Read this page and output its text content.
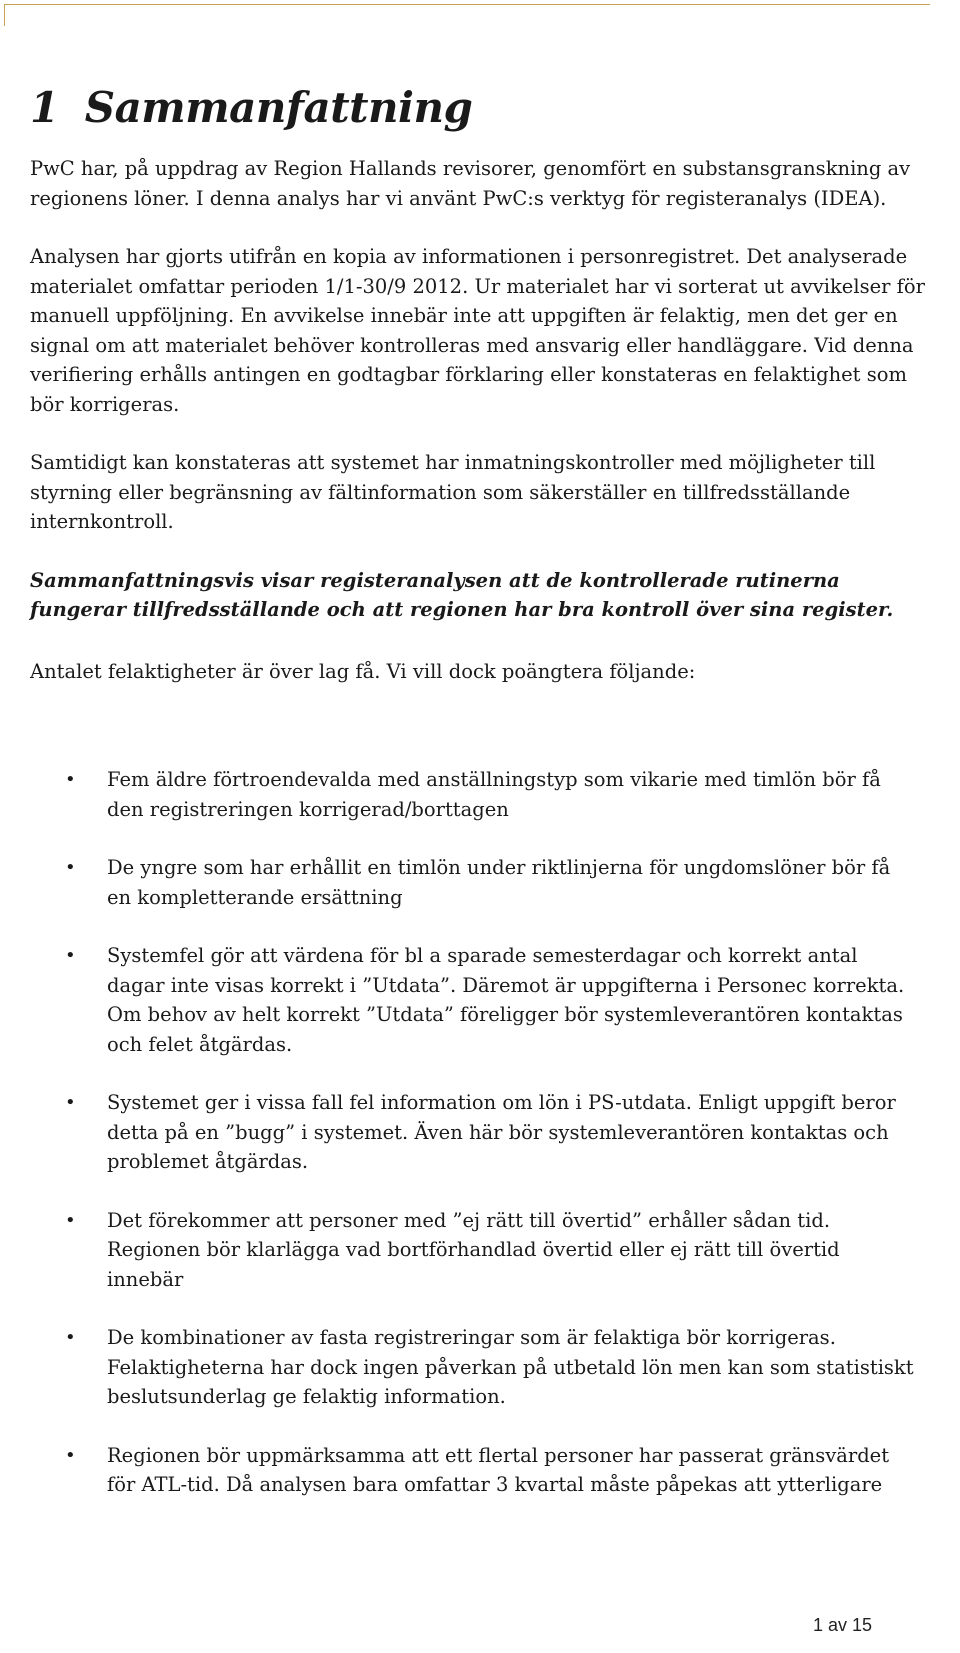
1 Sammanfattning

PwC har, på uppdrag av Region Hallands revisorer, genomfört en substansgranskning av regionens löner. I denna analys har vi använt PwC:s verktyg för registeranalys (IDEA).

Analysen har gjorts utifrån en kopia av informationen i personregistret. Det analyserade materialet omfattar perioden 1/1-30/9 2012. Ur materialet har vi sorterat ut avvikelser för manuell uppföljning. En avvikelse innebär inte att uppgiften är felaktig, men det ger en signal om att materialet behöver kontrolleras med ansvarig eller handläggare. Vid denna verifiering erhålls antingen en godtagbar förklaring eller konstateras en felaktighet som bör korrigeras.

Samtidigt kan konstateras att systemet har inmatningskontroller med möjligheter till styrning eller begränsning av fältinformation som säkerställer en tillfredsställande internkontroll.

Sammanfattningsvis visar registeranalysen att de kontrollerade rutinerna fungerar tillfredsställande och att regionen har bra kontroll över sina register.

Antalet felaktigheter är över lag få. Vi vill dock poängtera följande:

• Fem äldre förtroendevalda med anställningstyp som vikarie med timlön bör få den registreringen korrigerad/borttagen
• De yngre som har erhållit en timlön under riktlinjerna för ungdomslöner bör få en kompletterande ersättning
• Systemfel gör att värdena för bl a sparade semesterdagar och korrekt antal dagar inte visas korrekt i ”Utdata”. Däremot är uppgifterna i Personec korrekta. Om behov av helt korrekt ”Utdata” föreligger bör systemleverantören kontaktas och felet åtgärdas.
• Systemet ger i vissa fall fel information om lön i PS-utdata. Enligt uppgift beror detta på en ”bugg” i systemet. Även här bör systemleverantören kontaktas och problemet åtgärdas.
• Det förekommer att personer med ”ej rätt till övertid” erhåller sådan tid. Regionen bör klarlägga vad bortförhandlad övertid eller ej rätt till övertid innebär
• De kombinationer av fasta registreringar som är felaktiga bör korrigeras. Felaktigheterna har dock ingen påverkan på utbetald lön men kan som statistiskt beslutsunderlag ge felaktig information.
• Regionen bör uppmärksamma att ett flertal personer har passerat gränsvärdet för ATL-tid. Då analysen bara omfattar 3 kvartal måste påpekas att ytterligare
1 av 15
